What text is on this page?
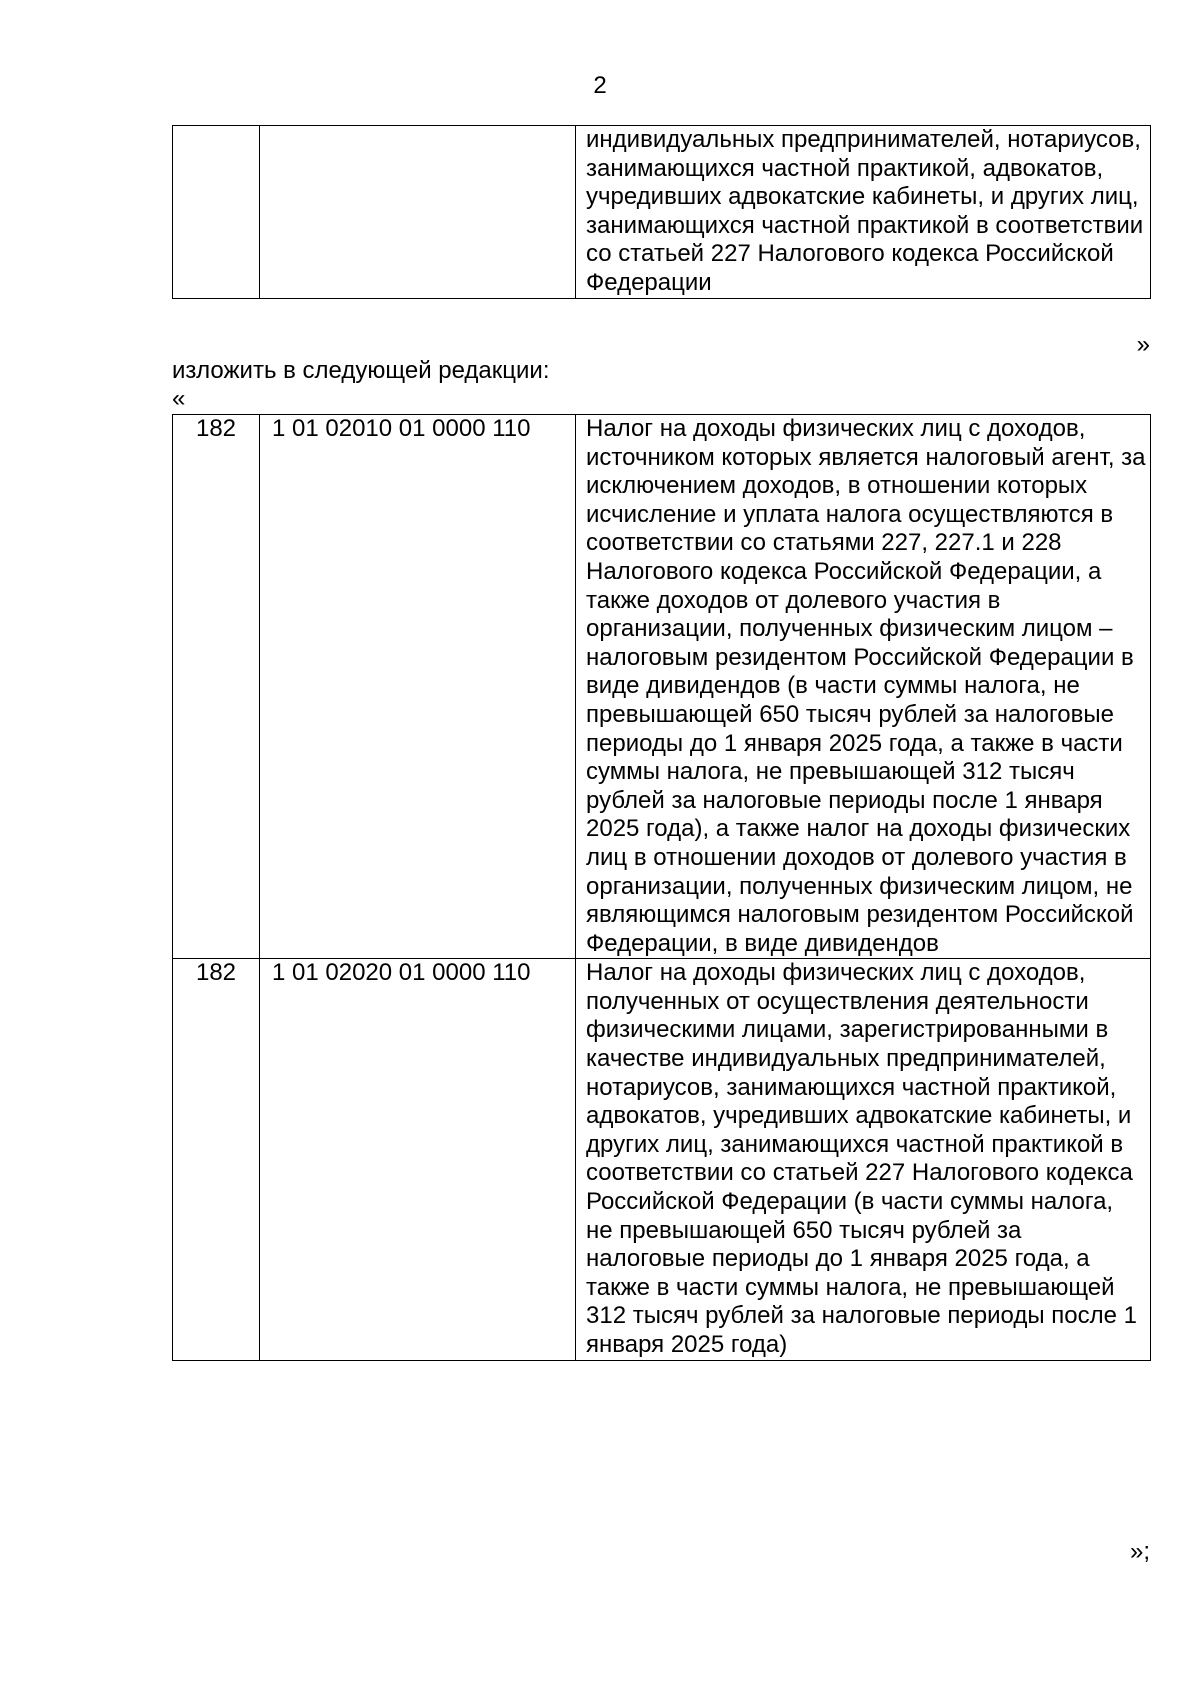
2
		индивидуальных предпринимателей, нотариусов, занимающихся частной практикой, адвокатов, учредивших адвокатские кабинеты, и других лиц, занимающихся частной практикой в соответствии со статьей 227 Налогового кодекса Российской Федерации
»
изложить в следующей редакции:
«
182	1 01 02010 01 0000 110	Налог на доходы физических лиц с доходов, источником которых является налоговый агент, за исключением доходов, в отношении которых исчисление и уплата налога осуществляются в соответствии со статьями 227, 227.1 и 228 Налогового кодекса Российской Федерации, а также доходов от долевого участия в организации, полученных физическим лицом – налоговым резидентом Российской Федерации в виде дивидендов (в части суммы налога, не превышающей 650 тысяч рублей за налоговые периоды до 1 января 2025 года, а также в части суммы налога, не превышающей 312 тысяч рублей за налоговые периоды после 1 января 2025 года), а также налог на доходы физических лиц в отношении доходов от долевого участия в организации, полученных физическим лицом, не являющимся налоговым резидентом Российской Федерации, в виде дивидендов
182	1 01 02020 01 0000 110	Налог на доходы физических лиц с доходов, полученных от осуществления деятельности физическими лицами, зарегистрированными в качестве индивидуальных предпринимателей, нотариусов, занимающихся частной практикой, адвокатов, учредивших адвокатские кабинеты, и других лиц, занимающихся частной практикой в соответствии со статьей 227 Налогового кодекса Российской Федерации (в части суммы налога, не превышающей 650 тысяч рублей за налоговые периоды до 1 января 2025 года, а также в части суммы налога, не превышающей 312 тысяч рублей за налоговые периоды после 1 января 2025 года)
»;
